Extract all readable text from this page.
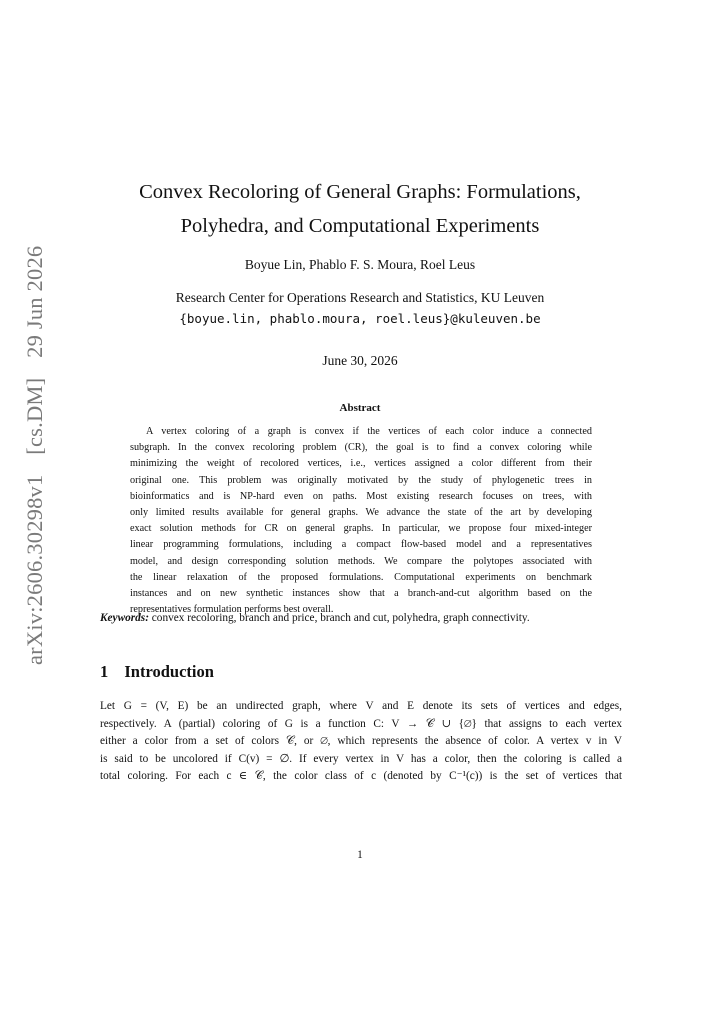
arXiv:2606.30298v1 [cs.DM] 29 Jun 2026
Convex Recoloring of General Graphs: Formulations,
Polyhedra, and Computational Experiments
Boyue Lin, Phablo F. S. Moura, Roel Leus
Research Center for Operations Research and Statistics, KU Leuven
{boyue.lin, phablo.moura, roel.leus}@kuleuven.be
June 30, 2026
Abstract
A vertex coloring of a graph is convex if the vertices of each color induce a connected
subgraph. In the convex recoloring problem (CR), the goal is to find a convex coloring while
minimizing the weight of recolored vertices, i.e., vertices assigned a color different from their
original one. This problem was originally motivated by the study of phylogenetic trees in
bioinformatics and is NP-hard even on paths. Most existing research focuses on trees, with
only limited results available for general graphs. We advance the state of the art by developing
exact solution methods for CR on general graphs. In particular, we propose four mixed-integer
linear programming formulations, including a compact flow-based model and a representatives
model, and design corresponding solution methods. We compare the polytopes associated with
the linear relaxation of the proposed formulations. Computational experiments on benchmark
instances and on new synthetic instances show that a branch-and-cut algorithm based on the
representatives formulation performs best overall.
Keywords: convex recoloring, branch and price, branch and cut, polyhedra, graph connectivity.
1 Introduction
Let G = (V, E) be an undirected graph, where V and E denote its sets of vertices and edges,
respectively. A (partial) coloring of G is a function C: V → 𝒞 ∪ {∅} that assigns to each vertex
either a color from a set of colors 𝒞, or ∅, which represents the absence of color. A vertex v in V
is said to be uncolored if C(v) = ∅. If every vertex in V has a color, then the coloring is called a
total coloring. For each c ∈ 𝒞, the color class of c (denoted by C⁻¹(c)) is the set of vertices that
1
